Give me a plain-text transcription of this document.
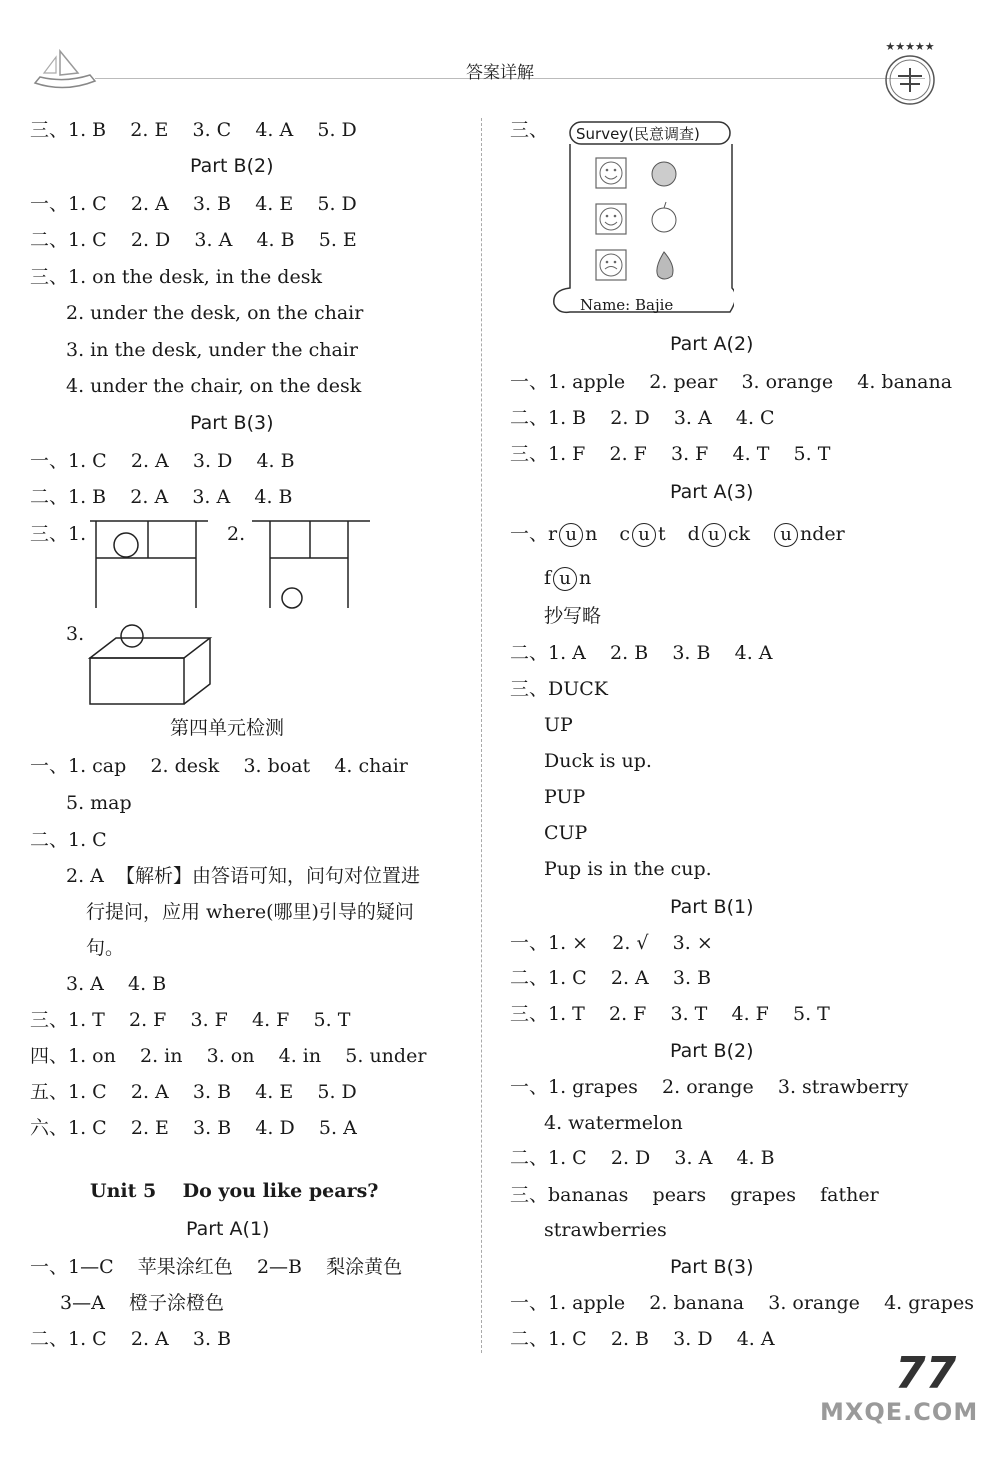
答案详解
★★★★★
三、1. B    2. E    3. C    4. A    5. D
Part B(2)
一、1. C    2. A    3. B    4. E    5. D
二、1. C    2. D    3. A    4. B    5. E
三、1. on the desk, in the desk
2. under the desk, on the chair
3. in the desk, under the chair
4. under the chair, on the desk
Part B(3)
一、1. C    2. A    3. D    4. B
二、1. B    2. A    3. A    4. B
三、1.	2.
3.
第四单元检测
一、1. cap    2. desk    3. boat    4. chair
5. map
二、1. C
2. A  【解析】由答语可知，问句对位置进
行提问，应用 where(哪里)引导的疑问
句。
3. A    4. B
三、1. T    2. F    3. F    4. F    5. T
四、1. on    2. in    3. on    4. in    5. under
五、1. C    2. A    3. B    4. E    5. D
六、1. C    2. E    3. B    4. D    5. A
Unit 5    Do you like pears?
Part A(1)
一、1—C    苹果涂红色    2—B    梨涂黄色
3—A    橙子涂橙色
二、1. C    2. A    3. B
三、 Survey(民意调查)
Name: Bajie
一、r u n c u t d u ck u nder
f u n
Part A(2)
一、1. apple    2. pear    3. orange    4. banana
二、1. B    2. D    3. A    4. C
三、1. F    2. F    3. F    4. T    5. T
Part A(3)
抄写略
二、1. A    2. B    3. B    4. A
三、DUCK
UP
Duck is up.
PUP
CUP
Pup is in the cup.
Part B(1)
一、1. ×    2. √    3. ×
二、1. C    2. A    3. B
三、1. T    2. F    3. T    4. F    5. T
Part B(2)
一、1. grapes    2. orange    3. strawberry
4. watermelon
二、1. C    2. D    3. A    4. B
三、bananas    pears    grapes    father
strawberries
Part B(3)
一、1. apple    2. banana    3. orange    4. grapes
二、1. C    2. B    3. D    4. A
77
MXQE.COM
